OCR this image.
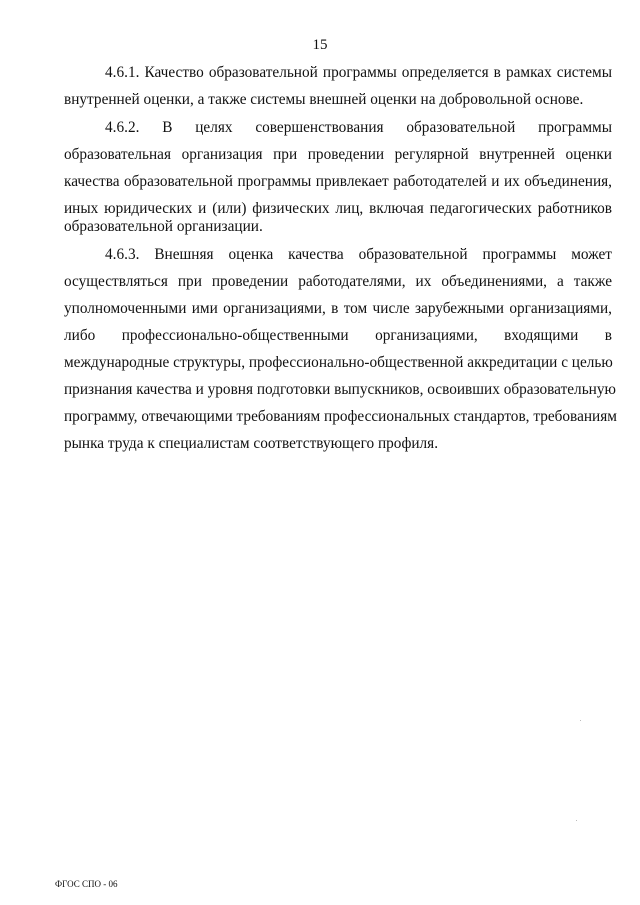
15
4.6.1. Качество образовательной программы определяется в рамках системы
внутренней оценки, а также системы внешней оценки на добровольной основе.
4.6.2. В целях совершенствования образовательной программы
образовательная организация при проведении регулярной внутренней оценки
качества образовательной программы привлекает работодателей и их объединения,
иных юридических и (или) физических лиц, включая педагогических работников
образовательной организации.
4.6.3. Внешняя оценка качества образовательной программы может
осуществляться при проведении работодателями, их объединениями, а также
уполномоченными ими организациями, в том числе зарубежными организациями,
либо профессионально-общественными организациями, входящими в
международные структуры, профессионально-общественной аккредитации с целью
признания качества и уровня подготовки выпускников, освоивших образовательную
программу, отвечающими требованиям профессиональных стандартов, требованиям
рынка труда к специалистам соответствующего профиля.
ФГОС СПО - 06
